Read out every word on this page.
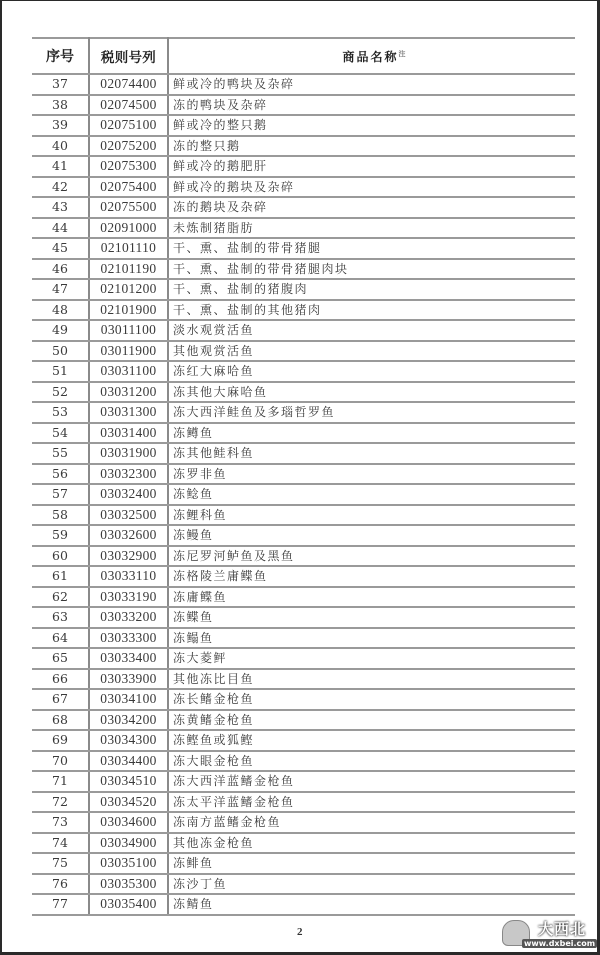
序号	税则号列	商品名称$^注$
37	02074400	鲜或冷的鸭块及杂碎
38	02074500	冻的鸭块及杂碎
39	02075100	鲜或冷的整只鹅
40	02075200	冻的整只鹅
41	02075300	鲜或冷的鹅肥肝
42	02075400	鲜或冷的鹅块及杂碎
43	02075500	冻的鹅块及杂碎
44	02091000	未炼制猪脂肪
45	02101110	干、熏、盐制的带骨猪腿
46	02101190	干、熏、盐制的带骨猪腿肉块
47	02101200	干、熏、盐制的猪腹肉
48	02101900	干、熏、盐制的其他猪肉
49	03011100	淡水观赏活鱼
50	03011900	其他观赏活鱼
51	03031100	冻红大麻哈鱼
52	03031200	冻其他大麻哈鱼
53	03031300	冻大西洋鲑鱼及多瑙哲罗鱼
54	03031400	冻鳟鱼
55	03031900	冻其他鲑科鱼
56	03032300	冻罗非鱼
57	03032400	冻鲶鱼
58	03032500	冻鲤科鱼
59	03032600	冻鳗鱼
60	03032900	冻尼罗河鲈鱼及黑鱼
61	03033110	冻格陵兰庸鲽鱼
62	03033190	冻庸鲽鱼
63	03033200	冻鲽鱼
64	03033300	冻鳎鱼
65	03033400	冻大菱鲆
66	03033900	其他冻比目鱼
67	03034100	冻长鳍金枪鱼
68	03034200	冻黄鳍金枪鱼
69	03034300	冻鲣鱼或狐鲣
70	03034400	冻大眼金枪鱼
71	03034510	冻大西洋蓝鳍金枪鱼
72	03034520	冻太平洋蓝鳍金枪鱼
73	03034600	冻南方蓝鳍金枪鱼
74	03034900	其他冻金枪鱼
75	03035100	冻鲱鱼
76	03035300	冻沙丁鱼
77	03035400	冻鲭鱼
2	大西北
www.dxbei.com
